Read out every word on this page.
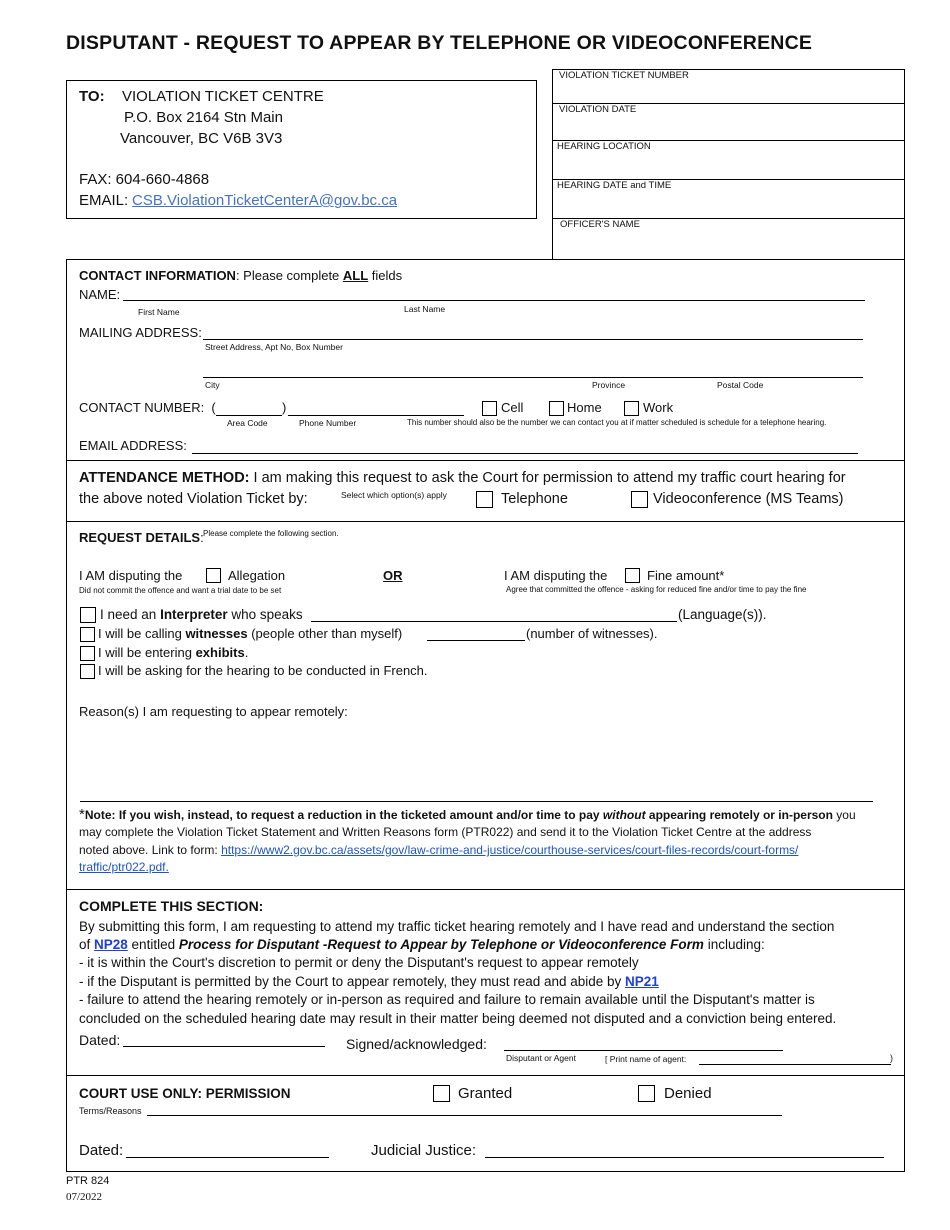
DISPUTANT - REQUEST TO APPEAR BY TELEPHONE OR VIDEOCONFERENCE
TO: VIOLATION TICKET CENTRE
P.O. Box 2164 Stn Main
Vancouver, BC V6B 3V3
FAX: 604-660-4868
EMAIL: CSB.ViolationTicketCenterA@gov.bc.ca
VIOLATION TICKET NUMBER
VIOLATION DATE
HEARING LOCATION
HEARING DATE and TIME
OFFICER'S NAME
CONTACT INFORMATION: Please complete ALL fields
NAME:
First Name	Last Name
MAILING ADDRESS:
Street Address, Apt No, Box Number
City	Province	Postal Code
CONTACT NUMBER:  (	)
Area Code	Phone Number
Cell	Home	Work
This number should also be the number we can contact you at if matter scheduled is schedule for a telephone hearing.
EMAIL ADDRESS:
ATTENDANCE METHOD: I am making this request to ask the Court for permission to attend my traffic court hearing for
the above noted Violation Ticket by:	Select which option(s) apply	Telephone	Videoconference (MS Teams)
REQUEST DETAILS: Please complete the following section.
I AM disputing the	Allegation
Did not commit the offence and want a trial date to be set
OR	I AM disputing the	Fine amount*
Agree that committed the offence - asking for reduced fine and/or time to pay the fine
I need an Interpreter who speaks	(Language(s)).
I will be calling witnesses (people other than myself)	(number of witnesses).
I will be entering exhibits.
I will be asking for the hearing to be conducted in French.
Reason(s) I am requesting to appear remotely:
*Note: If you wish, instead, to request a reduction in the ticketed amount and/or time to pay without appearing remotely or in-person you
may complete the Violation Ticket Statement and Written Reasons form (PTR022) and send it to the Violation Ticket Centre at the address
noted above. Link to form: https://www2.gov.bc.ca/assets/gov/law-crime-and-justice/courthouse-services/court-files-records/court-forms/
traffic/ptr022.pdf.
COMPLETE THIS SECTION:
By submitting this form, I am requesting to attend my traffic ticket hearing remotely and I have read and understand the section
of NP28 entitled Process for Disputant -Request to Appear by Telephone or Videoconference Form including:
- it is within the Court's discretion to permit or deny the Disputant's request to appear remotely
- if the Disputant is permitted by the Court to appear remotely, they must read and abide by NP21
- failure to attend the hearing remotely or in-person as required and failure to remain available until the Disputant's matter is
concluded on the scheduled hearing date may result in their matter being deemed not disputed and a conviction being entered.
Dated:	Signed/acknowledged:
Disputant or Agent	[ Print name of agent:	)
COURT USE ONLY: PERMISSION	Granted	Denied
Terms/Reasons
Dated:	Judicial Justice:
PTR 824
07/2022
